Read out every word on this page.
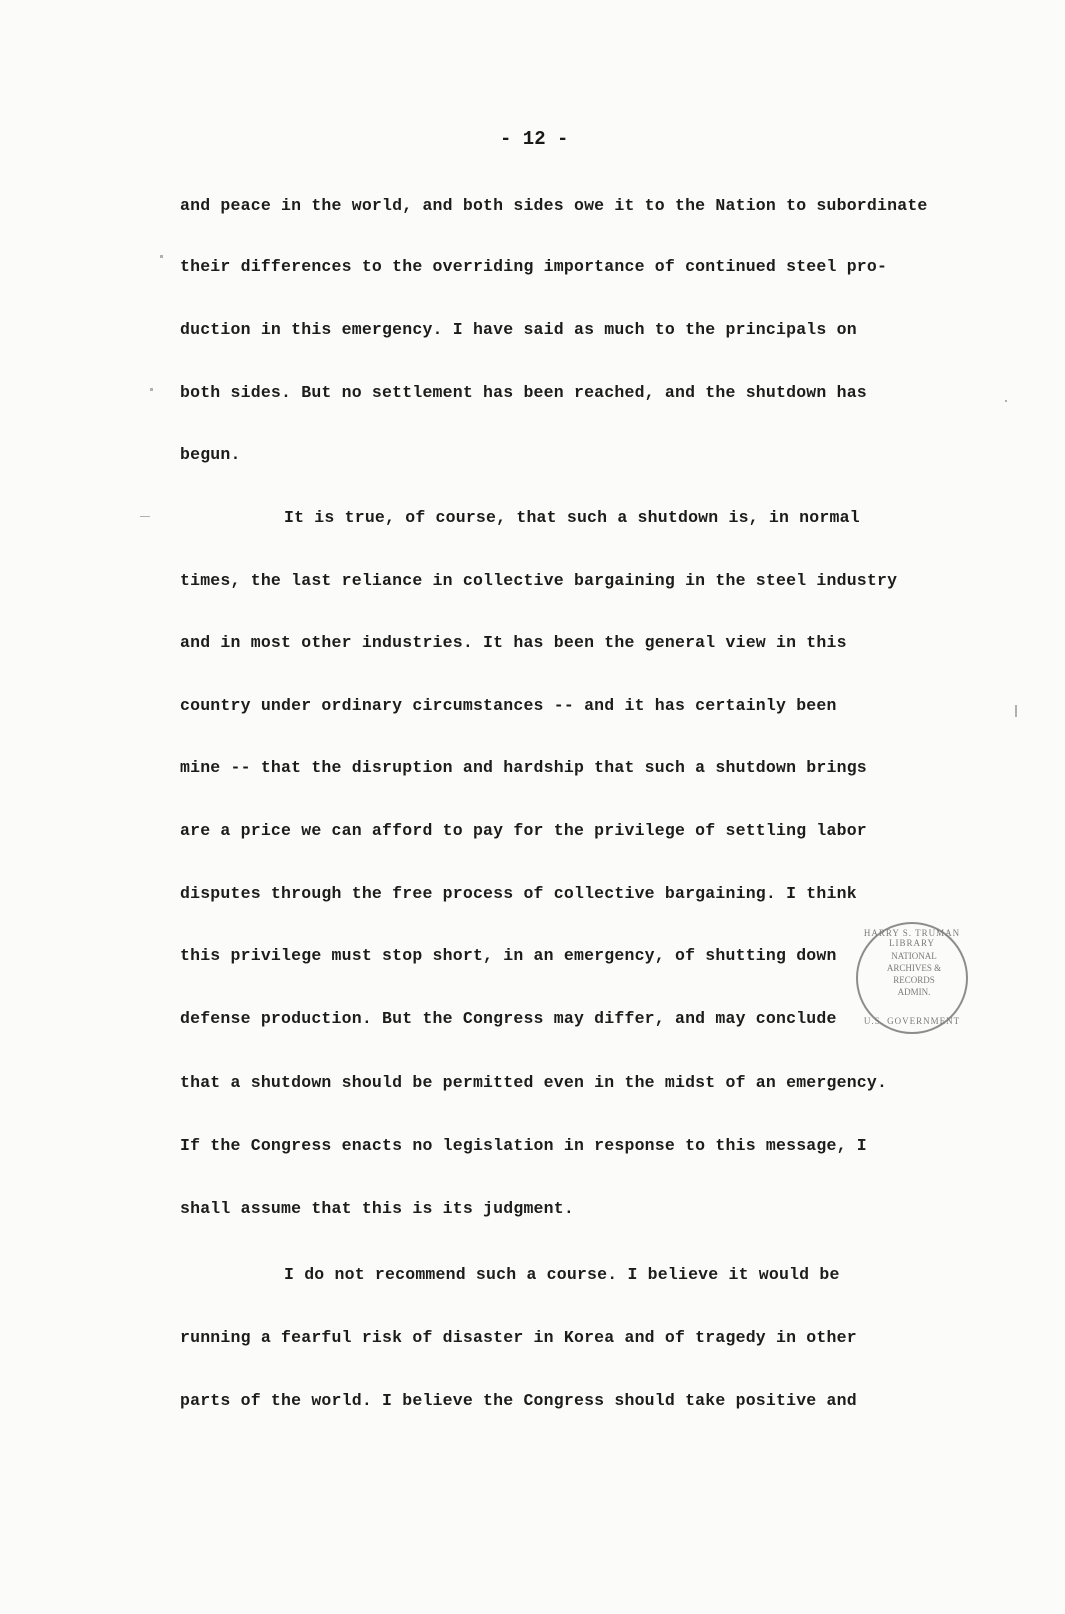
- 12 -
and peace in the world, and both sides owe it to the Nation to subordinate
their differences to the overriding importance of continued steel pro-
duction in this emergency. I have said as much to the principals on
both sides. But no settlement has been reached, and the shutdown has
begun.
It is true, of course, that such a shutdown is, in normal
times, the last reliance in collective bargaining in the steel industry
and in most other industries. It has been the general view in this
country under ordinary circumstances -- and it has certainly been
mine -- that the disruption and hardship that such a shutdown brings
are a price we can afford to pay for the privilege of settling labor
disputes through the free process of collective bargaining. I think
this privilege must stop short, in an emergency, of shutting down
defense production. But the Congress may differ, and may conclude
that a shutdown should be permitted even in the midst of an emergency.
If the Congress enacts no legislation in response to this message, I
shall assume that this is its judgment.
I do not recommend such a course. I believe it would be
running a fearful risk of disaster in Korea and of tragedy in other
parts of the world. I believe the Congress should take positive and
HARRY S. TRUMAN LIBRARY
NATIONAL
ARCHIVES &
RECORDS
ADMIN.
U.S. GOVERNMENT
